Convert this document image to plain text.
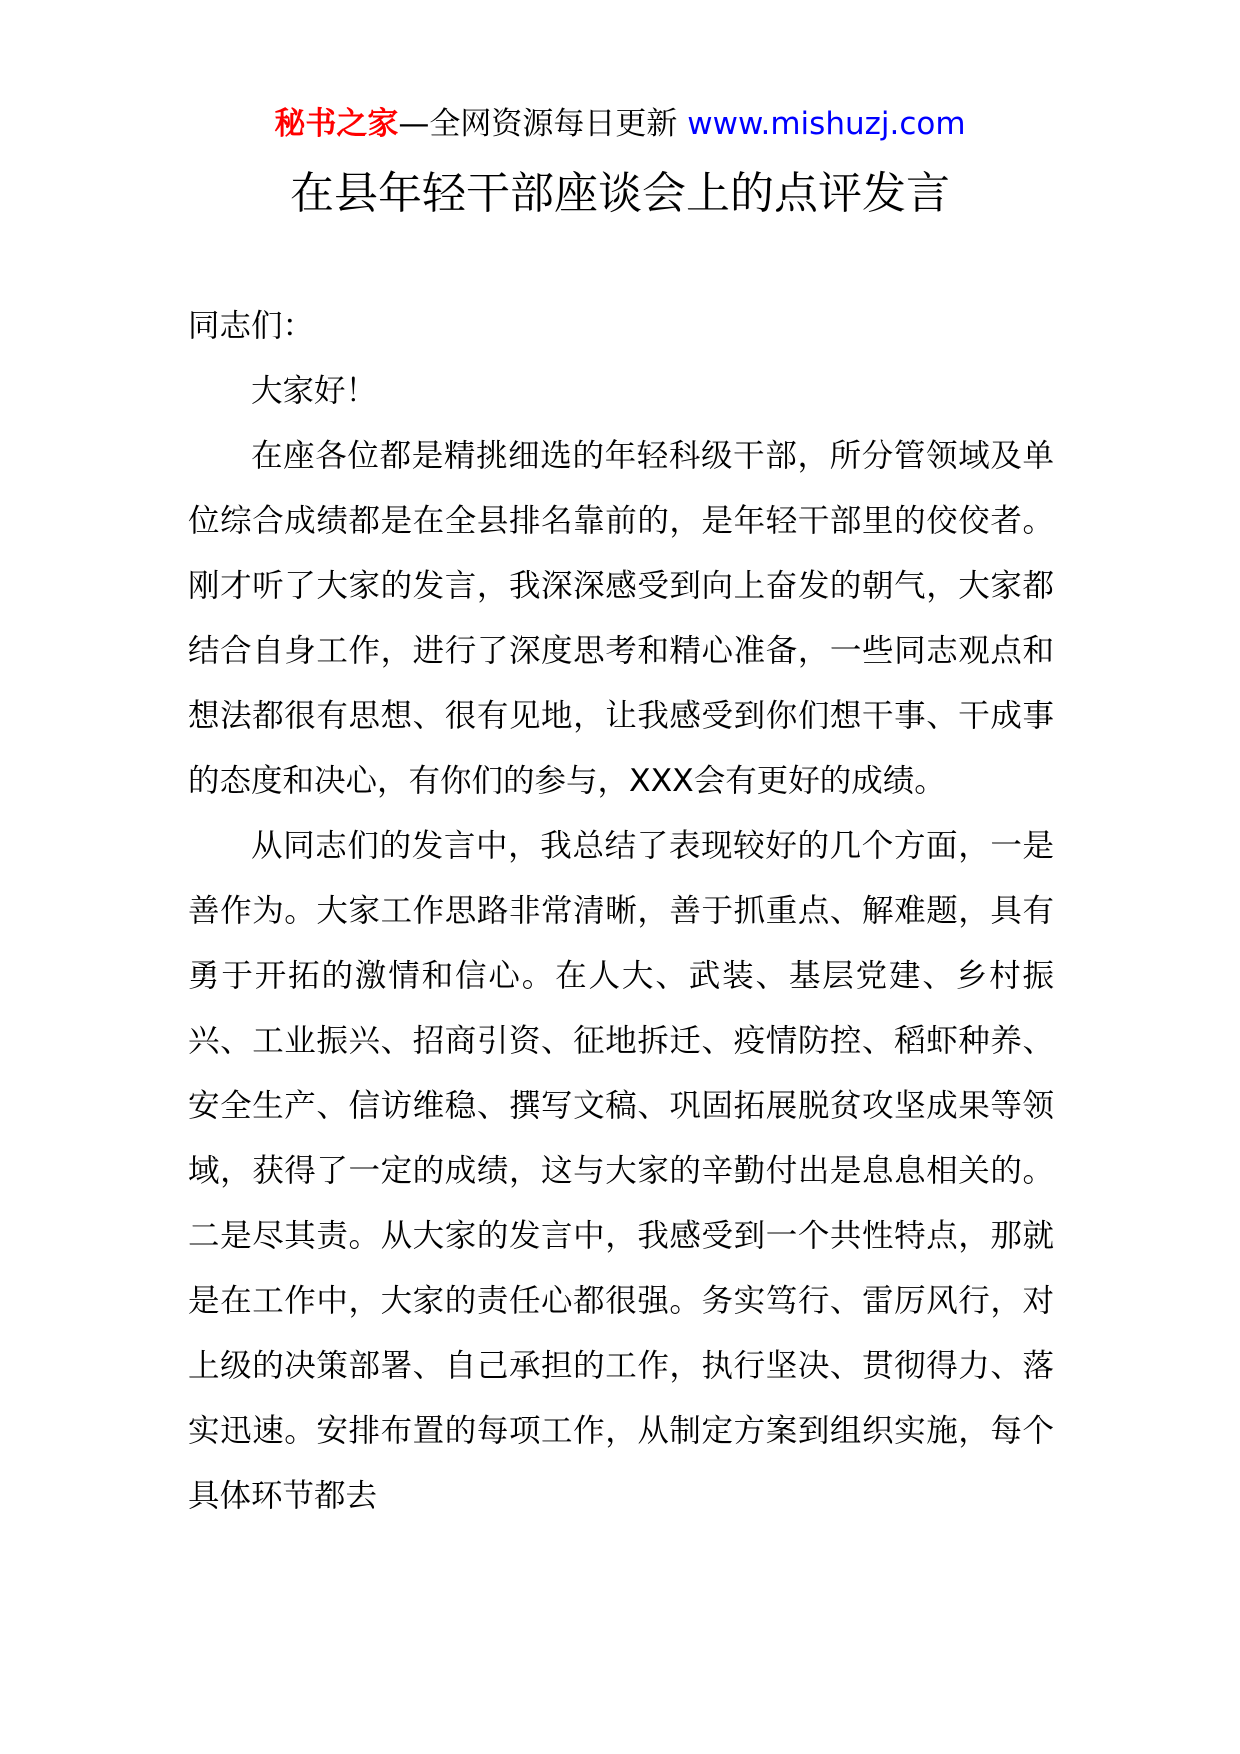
秘书之家—全网资源每日更新 www.mishuzj.com
在县年轻干部座谈会上的点评发言

同志们：

大家好！

在座各位都是精挑细选的年轻科级干部，所分管领域及单位综合成绩都是在全县排名靠前的，是年轻干部里的佼佼者。刚才听了大家的发言，我深深感受到向上奋发的朝气，大家都结合自身工作，进行了深度思考和精心准备，一些同志观点和想法都很有思想、很有见地，让我感受到你们想干事、干成事的态度和决心，有你们的参与，XXX会有更好的成绩。

从同志们的发言中，我总结了表现较好的几个方面，一是善作为。大家工作思路非常清晰，善于抓重点、解难题，具有勇于开拓的激情和信心。在人大、武装、基层党建、乡村振兴、工业振兴、招商引资、征地拆迁、疫情防控、稻虾种养、安全生产、信访维稳、撰写文稿、巩固拓展脱贫攻坚成果等领域，获得了一定的成绩，这与大家的辛勤付出是息息相关的。二是尽其责。从大家的发言中，我感受到一个共性特点，那就是在工作中，大家的责任心都很强。务实笃行、雷厉风行，对上级的决策部署、自己承担的工作，执行坚决、贯彻得力、落实迅速。安排布置的每项工作，从制定方案到组织实施，每个具体环节都去
